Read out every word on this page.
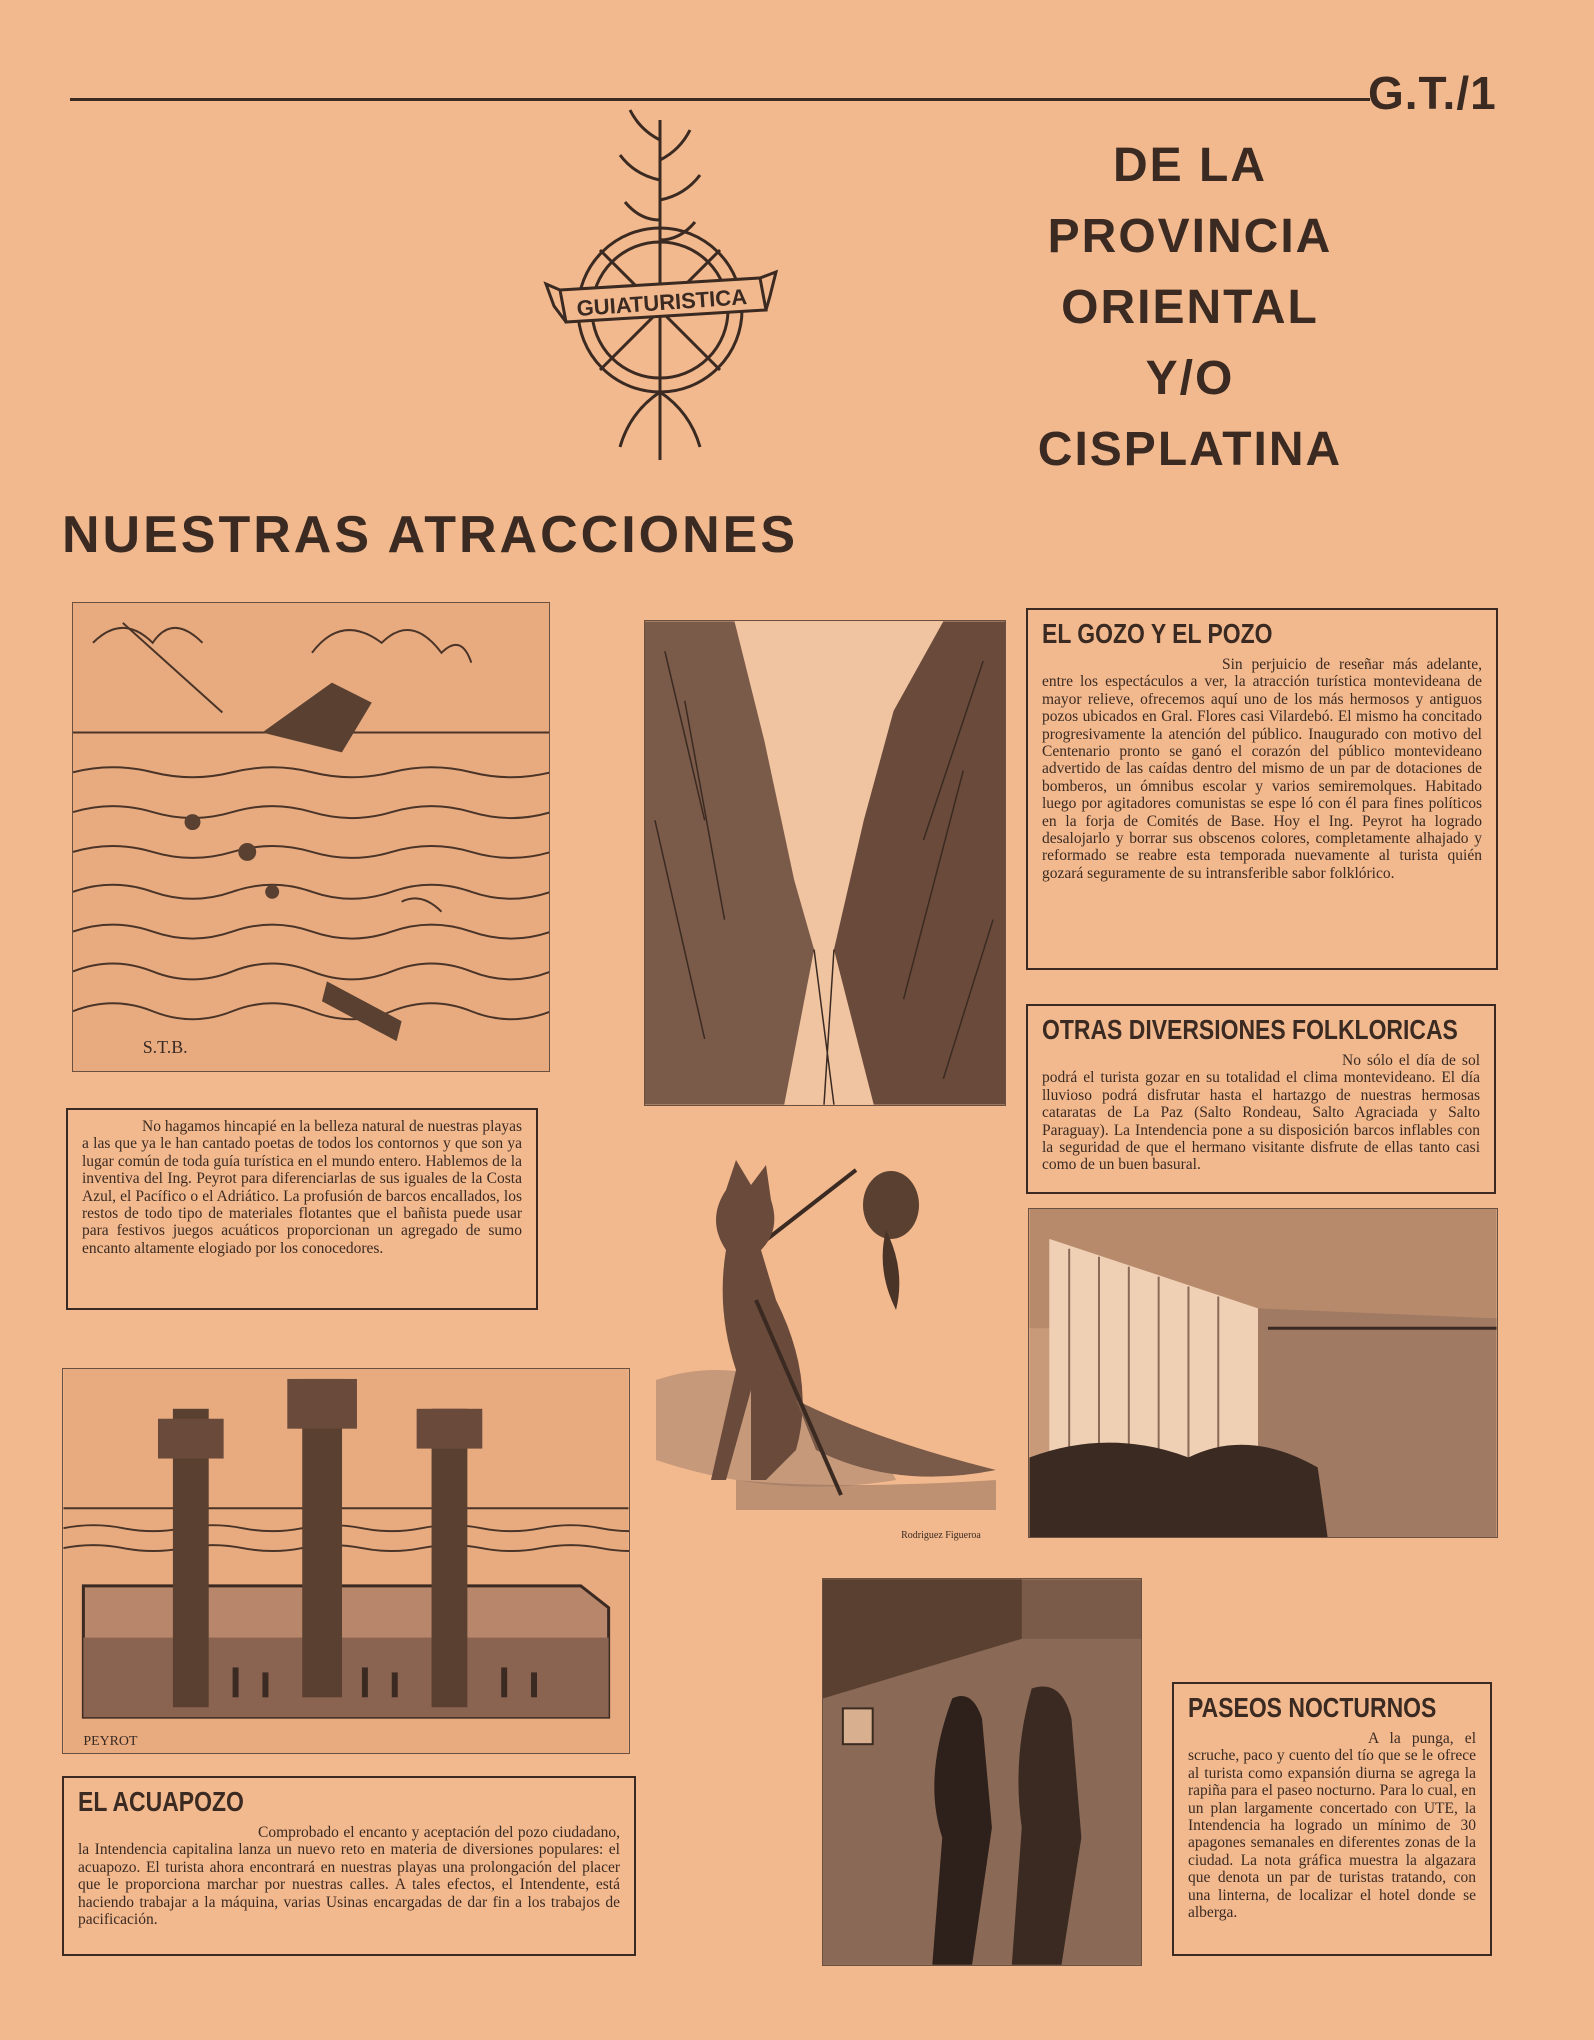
G.T./1
GUIATURISTICA
DE LA
PROVINCIA
ORIENTAL
Y/O
CISPLATINA
NUESTRAS ATRACCIONES
S.T.B.

No hagamos hincapié en la belleza natural de nuestras playas a las que ya le han cantado poetas de todos los contornos y que son ya lugar común de toda guía turística en el mundo entero. Hablemos de la inventiva del Ing. Peyrot para diferenciarlas de sus iguales de la Costa Azul, el Pacífico o el Adriático. La profusión de barcos encallados, los restos de todo tipo de materiales flotantes que el bañista puede usar para festivos juegos acuáticos proporcionan un agregado de sumo encanto altamente elogiado por los conocedores.

EL GOZO Y EL POZO

Sin perjuicio de reseñar más adelante, entre los espectáculos a ver, la atracción turística montevideana de mayor relieve, ofrecemos aquí uno de los más hermosos y antiguos pozos ubicados en Gral. Flores casi Vilardebó. El mismo ha concitado progresivamente la atención del público. Inaugurado con motivo del Centenario pronto se ganó el corazón del público montevideano advertido de las caídas dentro del mismo de un par de dotaciones de bomberos, un ómnibus escolar y varios semiremolques. Habitado luego por agitadores comunistas se espe ló con él para fines políticos en la forja de Comités de Base. Hoy el Ing. Peyrot ha logrado desalojarlo y borrar sus obscenos colores, completamente alhajado y reformado se reabre esta temporada nuevamente al turista quién gozará seguramente de su intransferible sabor folklórico.

OTRAS DIVERSIONES FOLKLORICAS

No sólo el día de sol podrá el turista gozar en su totalidad el clima montevideano. El día lluvioso podrá disfrutar hasta el hartazgo de nuestras hermosas cataratas de La Paz (Salto Rondeau, Salto Agraciada y Salto Paraguay). La Intendencia pone a su disposición barcos inflables con la seguridad de que el hermano visitante disfrute de ellas tanto casi como de un buen basural.

Rodriguez Figueroa
PEYROT
EL ACUAPOZO

Comprobado el encanto y aceptación del pozo ciudadano, la Intendencia capitalina lanza un nuevo reto en materia de diversiones populares: el acuapozo. El turista ahora encontrará en nuestras playas una prolongación del placer que le proporciona marchar por nuestras calles. A tales efectos, el Intendente, está haciendo trabajar a la máquina, varias Usinas encargadas de dar fin a los trabajos de pacificación.

PASEOS NOCTURNOS

A la punga, el scruche, paco y cuento del tío que se le ofrece al turista como expansión diurna se agrega la rapiña para el paseo nocturno. Para lo cual, en un plan largamente concertado con UTE, la Intendencia ha logrado un mínimo de 30 apagones semanales en diferentes zonas de la ciudad. La nota gráfica muestra la algazara que denota un par de turistas tratando, con una linterna, de localizar el hotel donde se alberga.
